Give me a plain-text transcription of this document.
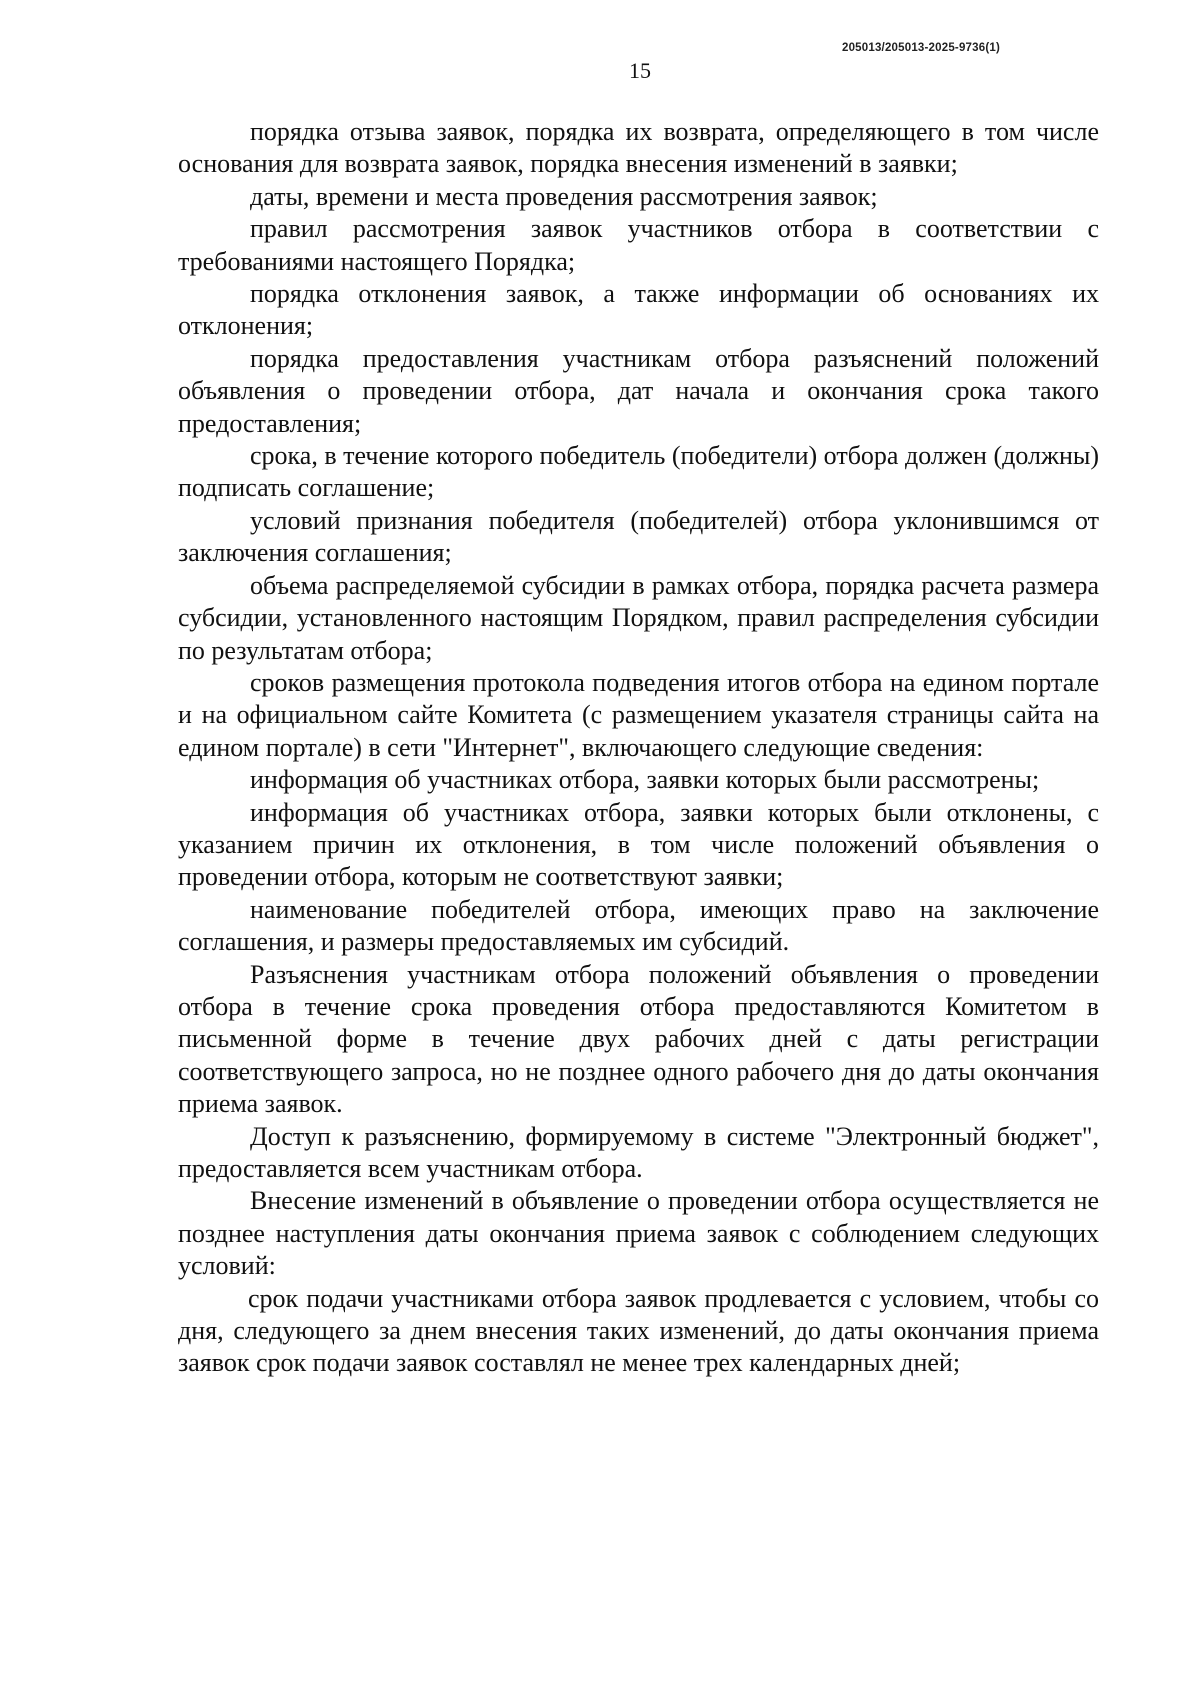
205013/205013-2025-9736(1)
15

порядка отзыва заявок, порядка их возврата, определяющего в том числе основания для возврата заявок, порядка внесения изменений в заявки;

даты, времени и места проведения рассмотрения заявок;

правил рассмотрения заявок участников отбора в соответствии с требованиями настоящего Порядка;

порядка отклонения заявок, а также информации об основаниях их отклонения;

порядка предоставления участникам отбора разъяснений положений объявления о проведении отбора, дат начала и окончания срока такого предоставления;

срока, в течение которого победитель (победители) отбора должен (должны) подписать соглашение;

условий признания победителя (победителей) отбора уклонившимся от заключения соглашения;

объема распределяемой субсидии в рамках отбора, порядка расчета размера субсидии, установленного настоящим Порядком, правил распределения субсидии по результатам отбора;

сроков размещения протокола подведения итогов отбора на едином портале и на официальном сайте Комитета (с размещением указателя страницы сайта на едином портале) в сети "Интернет", включающего следующие сведения:

информация об участниках отбора, заявки которых были рассмотрены;

информация об участниках отбора, заявки которых были отклонены, с указанием причин их отклонения, в том числе положений объявления о проведении отбора, которым не соответствуют заявки;

наименование победителей отбора, имеющих право на заключение соглашения, и размеры предоставляемых им субсидий.

Разъяснения участникам отбора положений объявления о проведении отбора в течение срока проведения отбора предоставляются Комитетом в письменной форме в течение двух рабочих дней с даты регистрации соответствующего запроса, но не позднее одного рабочего дня до даты окончания приема заявок.

Доступ к разъяснению, формируемому в системе "Электронный бюджет", предоставляется всем участникам отбора.

Внесение изменений в объявление о проведении отбора осуществляется не позднее наступления даты окончания приема заявок с соблюдением следующих условий:

срок подачи участниками отбора заявок продлевается с условием, чтобы со дня, следующего за днем внесения таких изменений, до даты окончания приема заявок срок подачи заявок составлял не менее трех календарных дней;
